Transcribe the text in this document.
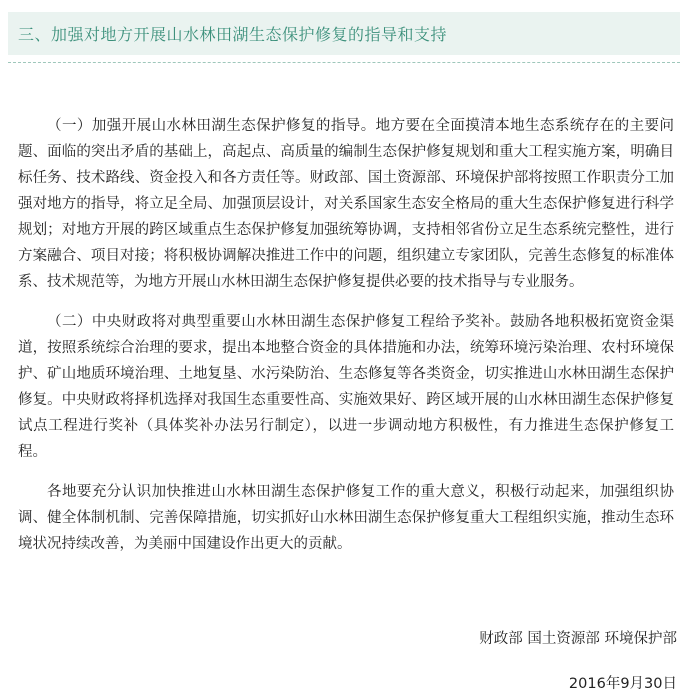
三、加强对地方开展山水林田湖生态保护修复的指导和支持

（一）加强开展山水林田湖生态保护修复的指导。地方要在全面摸清本地生态系统存在的主要问题、面临的突出矛盾的基础上，高起点、高质量的编制生态保护修复规划和重大工程实施方案，明确目标任务、技术路线、资金投入和各方责任等。财政部、国土资源部、环境保护部将按照工作职责分工加强对地方的指导，将立足全局、加强顶层设计，对关系国家生态安全格局的重大生态保护修复进行科学规划；对地方开展的跨区域重点生态保护修复加强统筹协调，支持相邻省份立足生态系统完整性，进行方案融合、项目对接；将积极协调解决推进工作中的问题，组织建立专家团队，完善生态修复的标准体系、技术规范等，为地方开展山水林田湖生态保护修复提供必要的技术指导与专业服务。

（二）中央财政将对典型重要山水林田湖生态保护修复工程给予奖补。鼓励各地积极拓宽资金渠道，按照系统综合治理的要求，提出本地整合资金的具体措施和办法，统筹环境污染治理、农村环境保护、矿山地质环境治理、土地复垦、水污染防治、生态修复等各类资金，切实推进山水林田湖生态保护修复。中央财政将择机选择对我国生态重要性高、实施效果好、跨区域开展的山水林田湖生态保护修复试点工程进行奖补（具体奖补办法另行制定），以进一步调动地方积极性，有力推进生态保护修复工程。

各地要充分认识加快推进山水林田湖生态保护修复工作的重大意义，积极行动起来，加强组织协调、健全体制机制、完善保障措施，切实抓好山水林田湖生态保护修复重大工程组织实施，推动生态环境状况持续改善，为美丽中国建设作出更大的贡献。

财政部 国土资源部 环境保护部
2016年9月30日
